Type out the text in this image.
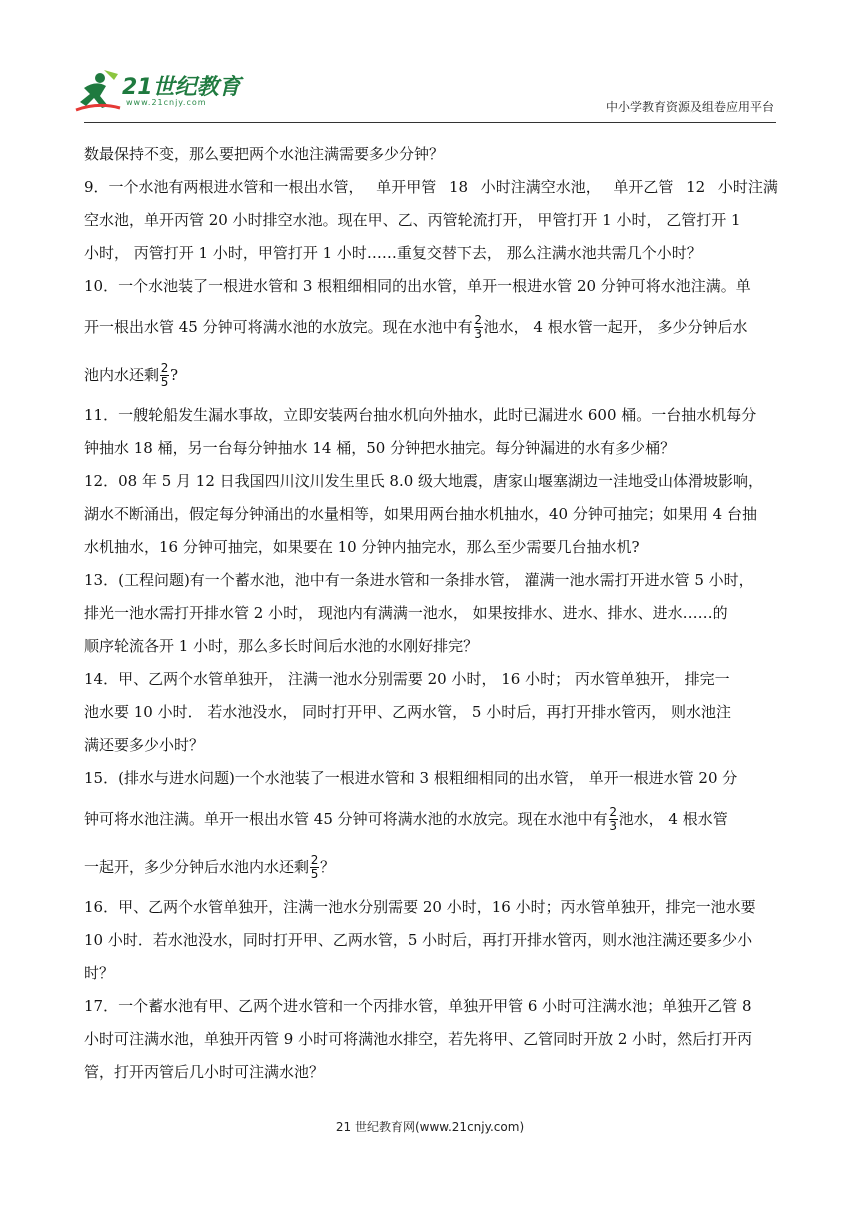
21世纪教育
www.21cnjy.com	中小学教育资源及组卷应用平台
数最保持不变，那么要把两个水池注满需要多少分钟？
9．一个水池有两根进水管和一根出水管， 单开甲管 18 小时注满空水池， 单开乙管 12 小时注满
空水池，单开丙管 20 小时排空水池。现在甲、乙、丙管轮流打开， 甲管打开 1 小时， 乙管打开 1
小时， 丙管打开 1 小时，甲管打开 1 小时……重复交替下去， 那么注满水池共需几个小时？
10．一个水池装了一根进水管和 3 根粗细相同的出水管，单开一根进水管 20 分钟可将水池注满。单
开一根出水管 45 分钟可将满水池的水放完。现在水池中有 $\frac{2}{3}$ 池水， 4 根水管一起开， 多少分钟后水
池内水还剩 $\frac{2}{5}$ ?
11．一艘轮船发生漏水事故，立即安装两台抽水机向外抽水，此时已漏进水 600 桶。一台抽水机每分
钟抽水 18 桶，另一台每分钟抽水 14 桶，50 分钟把水抽完。每分钟漏进的水有多少桶？
12．08 年 5 月 12 日我国四川汶川发生里氏 8.0 级大地震，唐家山堰塞湖边一洼地受山体滑坡影响，
湖水不断涌出，假定每分钟涌出的水量相等，如果用两台抽水机抽水，40 分钟可抽完；如果用 4 台抽
水机抽水，16 分钟可抽完，如果要在 10 分钟内抽完水，那么至少需要几台抽水机?
13．(工程问题)有一个蓄水池，池中有一条进水管和一条排水管， 灌满一池水需打开进水管 5 小时，
排光一池水需打开排水管 2 小时， 现池内有满满一池水， 如果按排水、进水、排水、进水……的
顺序轮流各开 1 小时，那么多长时间后水池的水刚好排完？
14．甲、乙两个水管单独开， 注满一池水分别需要 20 小时， 16 小时； 丙水管单独开， 排完一
池水要 10 小时． 若水池没水， 同时打开甲、乙两水管， 5 小时后，再打开排水管丙， 则水池注
满还要多少小时？
15．(排水与进水问题)一个水池装了一根进水管和 3 根粗细相同的出水管， 单开一根进水管 20 分
钟可将水池注满。单开一根出水管 45 分钟可将满水池的水放完。现在水池中有 $\frac{2}{3}$ 池水， 4 根水管
一起开，多少分钟后水池内水还剩 $\frac{2}{5}$ ？
16．甲、乙两个水管单独开，注满一池水分别需要 20 小时，16 小时；丙水管单独开，排完一池水要
10 小时．若水池没水，同时打开甲、乙两水管，5 小时后，再打开排水管丙，则水池注满还要多少小
时？
17．一个蓄水池有甲、乙两个进水管和一个丙排水管，单独开甲管 6 小时可注满水池；单独开乙管 8
小时可注满水池，单独开丙管 9 小时可将满池水排空，若先将甲、乙管同时开放 2 小时，然后打开丙
管，打开丙管后几小时可注满水池？
21 世纪教育网(www.21cnjy.com)
